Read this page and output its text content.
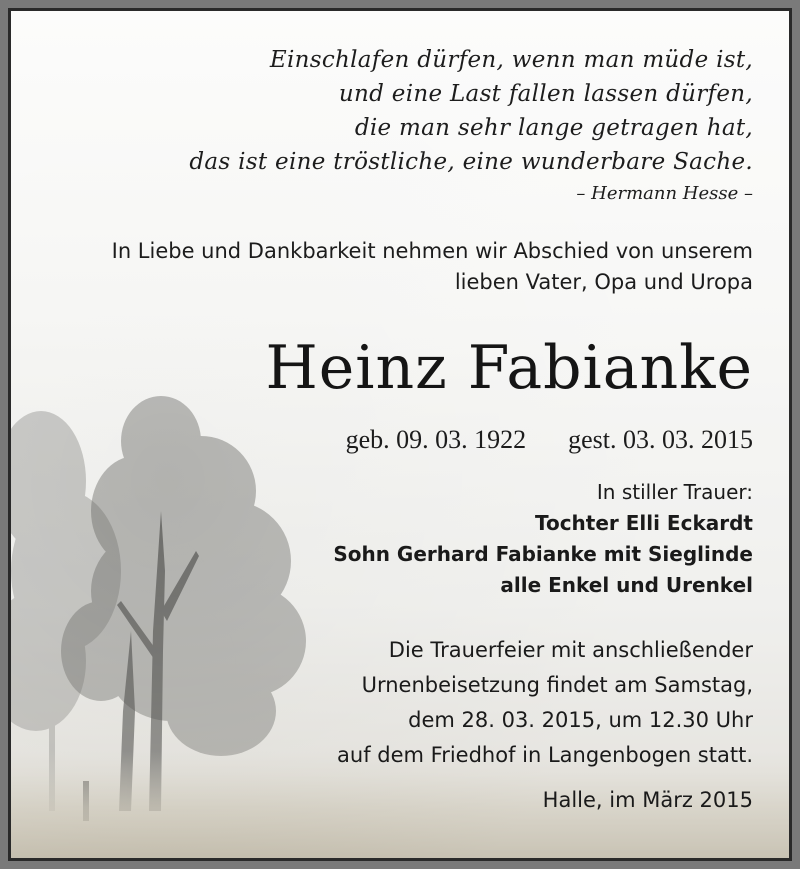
Einschlafen dürfen, wenn man müde ist,
und eine Last fallen lassen dürfen,
die man sehr lange getragen hat,
das ist eine tröstliche, eine wunderbare Sache.
– Hermann Hesse –
In Liebe und Dankbarkeit nehmen wir Abschied von unserem
lieben Vater, Opa und Uropa
Heinz Fabianke
geb. 09. 03. 1922 gest. 03. 03. 2015
In stiller Trauer:
Tochter Elli Eckardt
Sohn Gerhard Fabianke mit Sieglinde
alle Enkel und Urenkel
Die Trauerfeier mit anschließender
Urnenbeisetzung findet am Samstag,
dem 28. 03. 2015, um 12.30 Uhr
auf dem Friedhof in Langenbogen statt.
Halle, im März 2015
